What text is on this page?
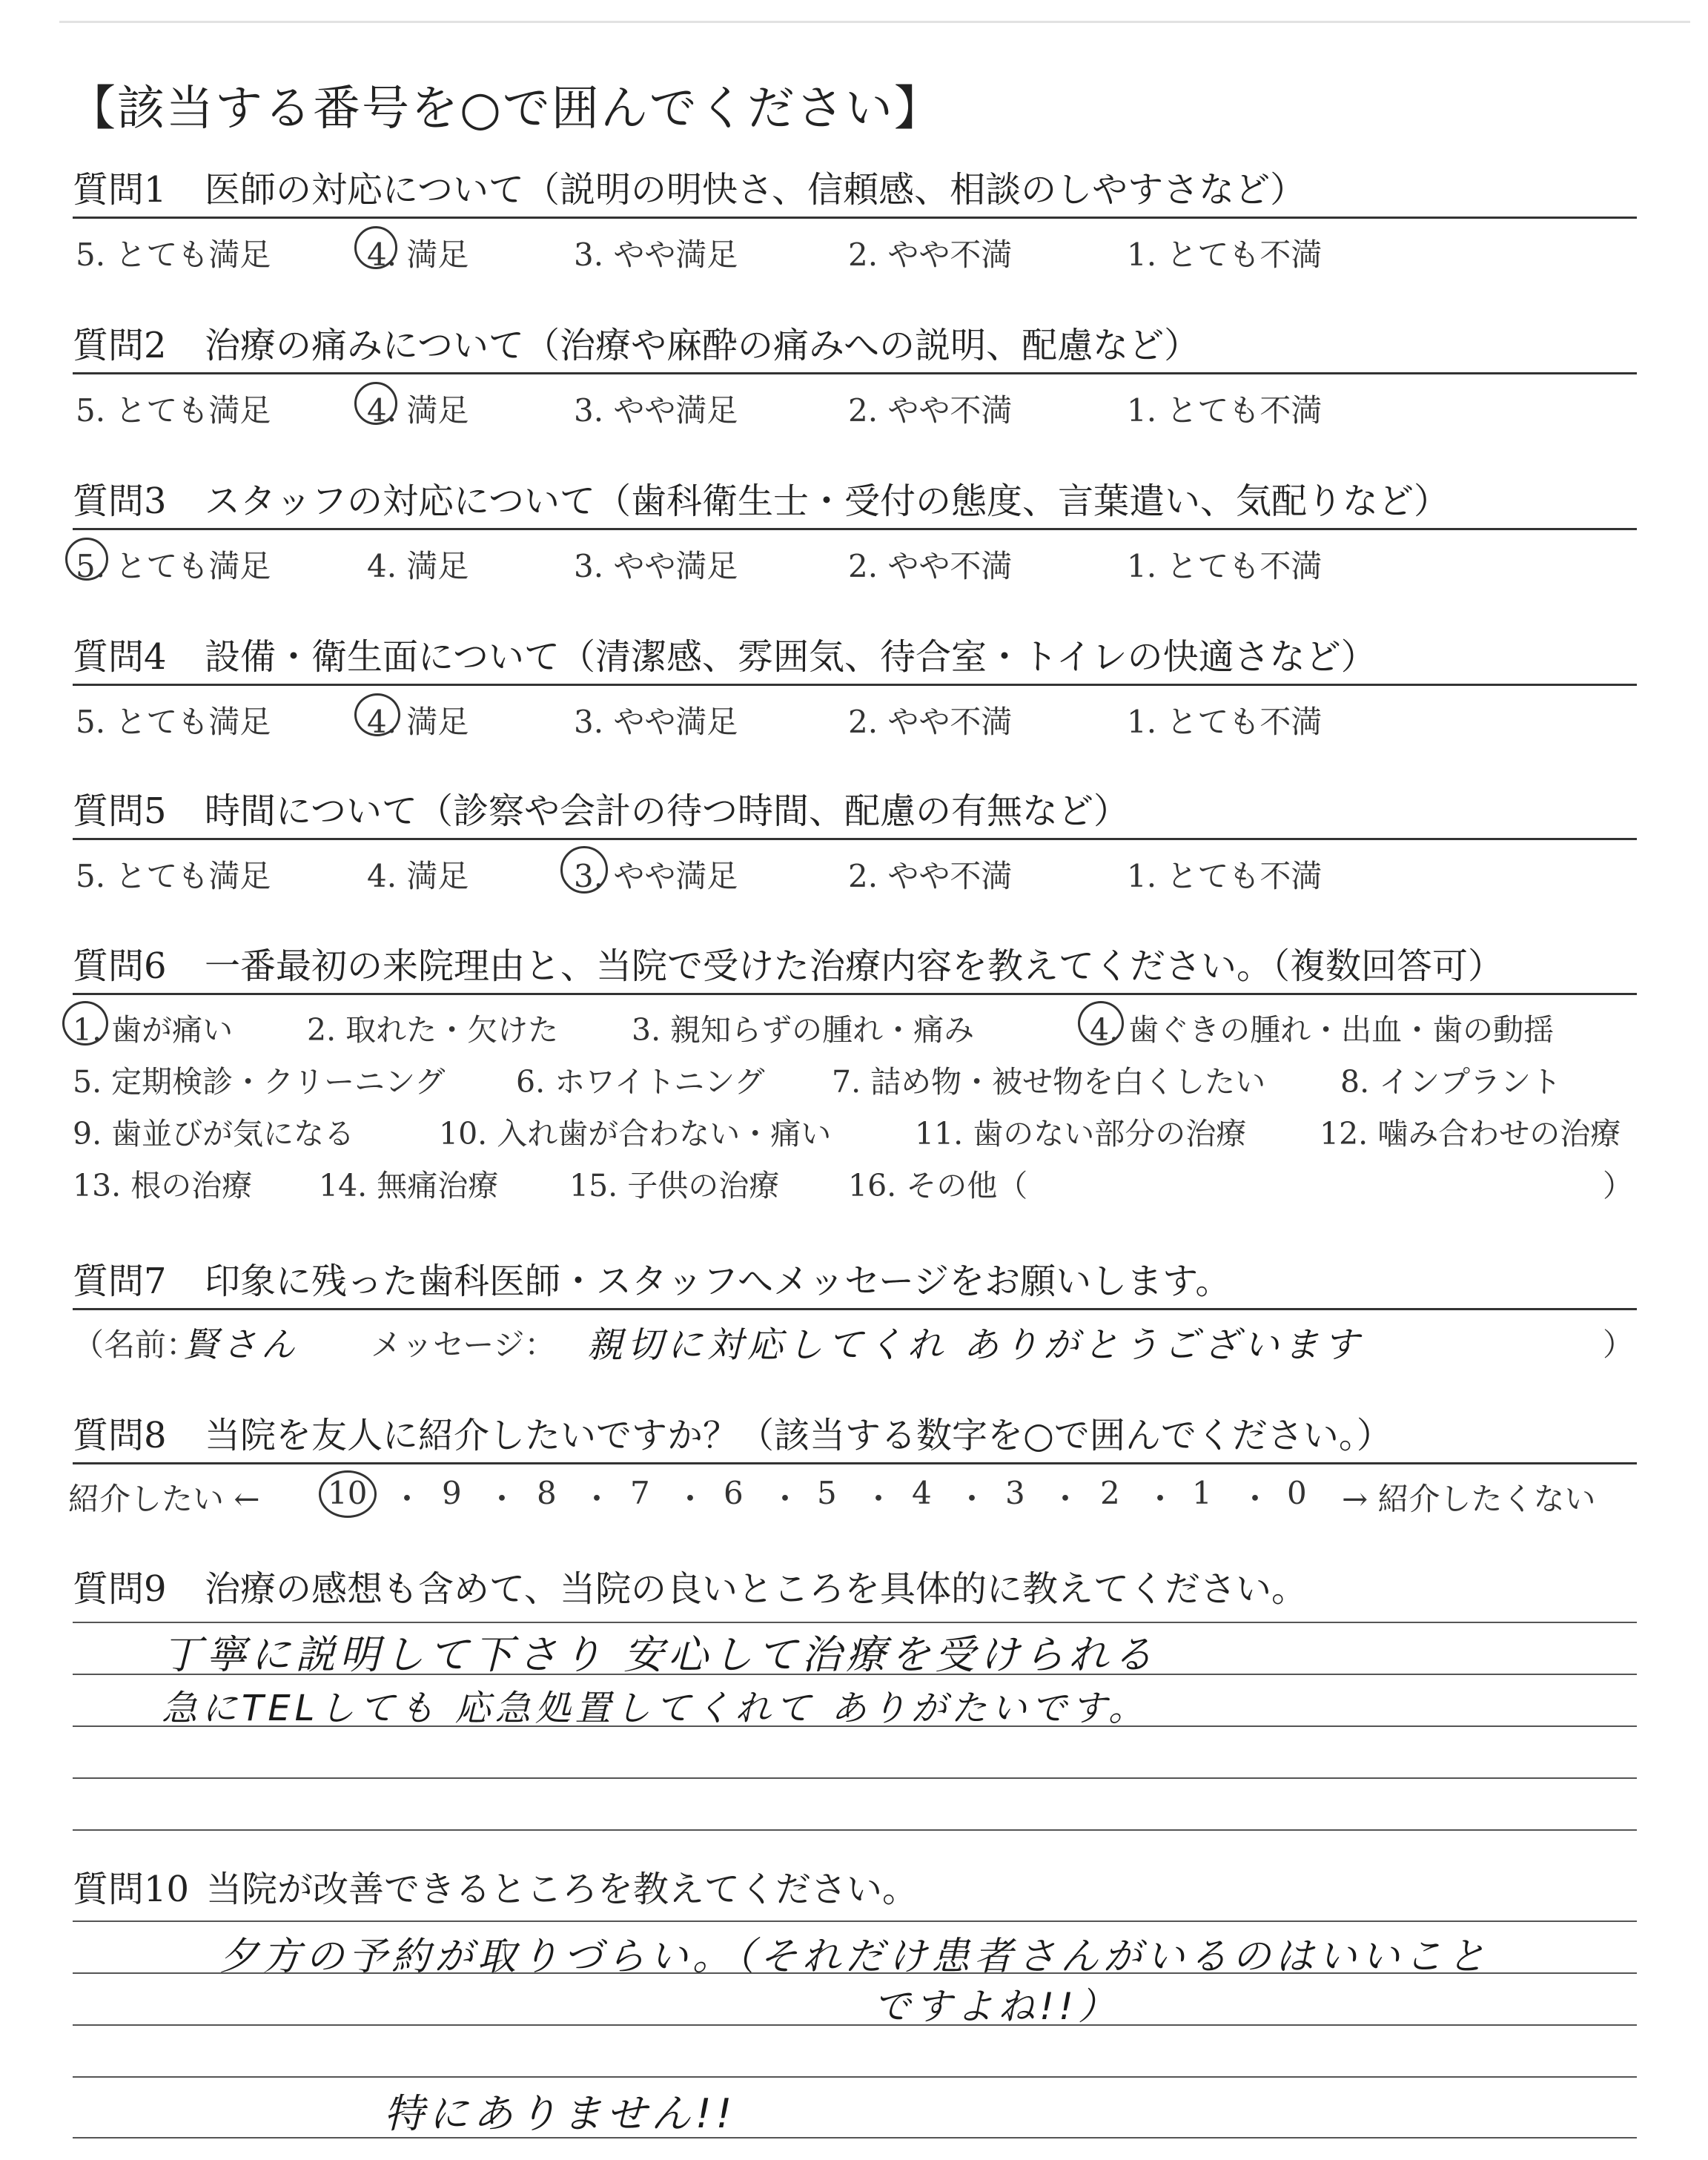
【該当する番号を○で囲んでください】
質問1 医師の対応について（説明の明快さ、信頼感、相談のしやすさなど）
5. とても満足	4. 満足	3. やや満足	2. やや不満	1. とても不満
質問2 治療の痛みについて（治療や麻酔の痛みへの説明、配慮など）
5. とても満足	4. 満足	3. やや満足	2. やや不満	1. とても不満
質問3 スタッフの対応について（歯科衛生士・受付の態度、言葉遣い、気配りなど）
5. とても満足	4. 満足	3. やや満足	2. やや不満	1. とても不満
質問4 設備・衛生面について（清潔感、雰囲気、待合室・トイレの快適さなど）
5. とても満足	4. 満足	3. やや満足	2. やや不満	1. とても不満
質問5 時間について（診察や会計の待つ時間、配慮の有無など）
5. とても満足	4. 満足	3. やや満足	2. やや不満	1. とても不満
質問6 一番最初の来院理由と、当院で受けた治療内容を教えてください。（複数回答可）
1. 歯が痛い 2. 取れた・欠けた 3. 親知らずの腫れ・痛み	4. 歯ぐきの腫れ・出血・歯の動揺
5. 定期検診・クリーニング 6. ホワイトニング 7. 詰め物・被せ物を白くしたい 8. インプラント
9. 歯並びが気になる	10. 入れ歯が合わない・痛い	11. 歯のない部分の治療 12. 噛み合わせの治療
13. 根の治療 14. 無痛治療 15. 子供の治療 16. その他（	）
質問7 印象に残った歯科医師・スタッフへメッセージをお願いします。
（名前：
賢さん メッセージ： 親切に対応してくれ ありがとうございます	）
質問8 当院を友人に紹介したいですか？（該当する数字を○で囲んでください。）
紹介したい ← 10 ・ 9 ・ 8 ・ 7 ・ 6 ・ 5 ・ 4 ・ 3 ・ 2 ・ 1 ・ 0 → 紹介したくない
質問9 治療の感想も含めて、当院の良いところを具体的に教えてください。
丁寧に説明して下さり 安心して治療を受けられる
急にTELしても 応急処置してくれて ありがたいです。
質問10 当院が改善できるところを教えてください。
夕方の予約が取りづらい。（それだけ患者さんがいるのはいいこと
ですよね!!）
特にありません!!
